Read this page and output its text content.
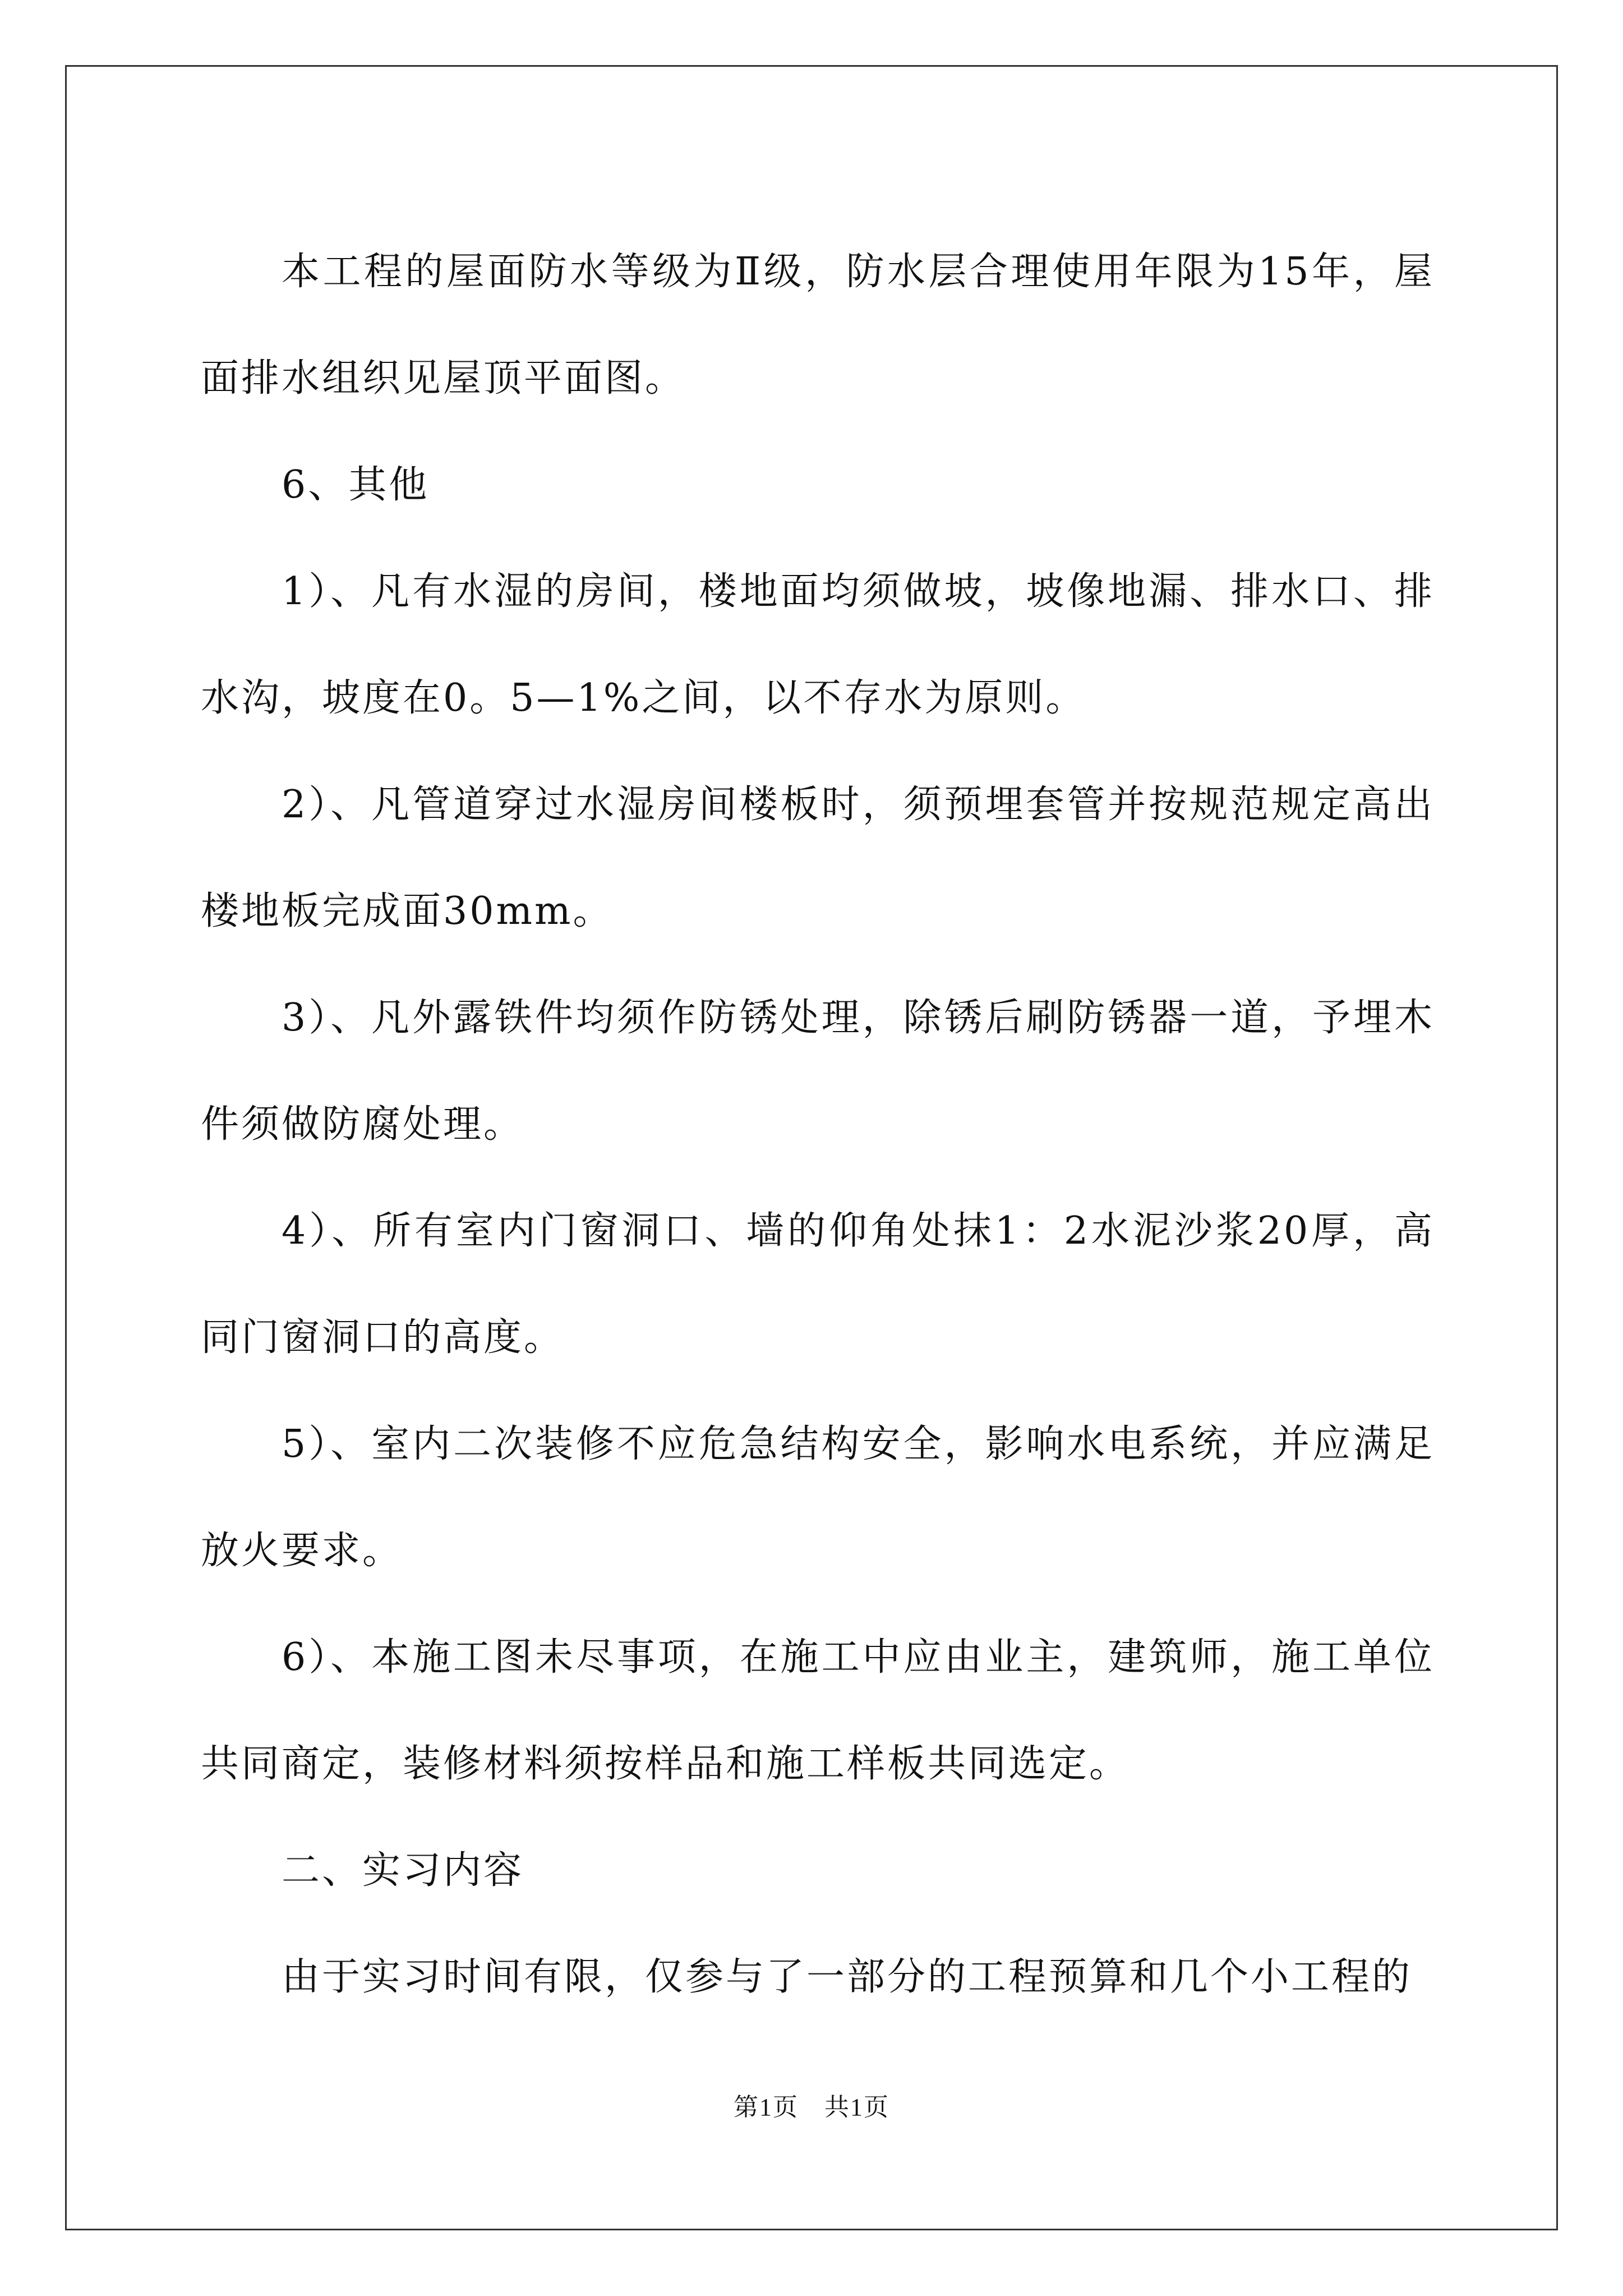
本工程的屋面防水等级为Ⅱ级，防水层合理使用年限为15年，屋面排水组织见屋顶平面图。

6、其他

1）、凡有水湿的房间，楼地面均须做坡，坡像地漏、排水口、排水沟，坡度在0。5—1%之间，以不存水为原则。

2）、凡管道穿过水湿房间楼板时，须预埋套管并按规范规定高出楼地板完成面30mm。

3）、凡外露铁件均须作防锈处理，除锈后刷防锈器一道，予埋木件须做防腐处理。

4）、所有室内门窗洞口、墙的仰角处抹1：2水泥沙浆20厚，高同门窗洞口的高度。

5）、室内二次装修不应危急结构安全，影响水电系统，并应满足放火要求。

6）、本施工图未尽事项，在施工中应由业主，建筑师，施工单位共同商定，装修材料须按样品和施工样板共同选定。

二、实习内容

由于实习时间有限，仅参与了一部分的工程预算和几个小工程的

第1页　共1页
